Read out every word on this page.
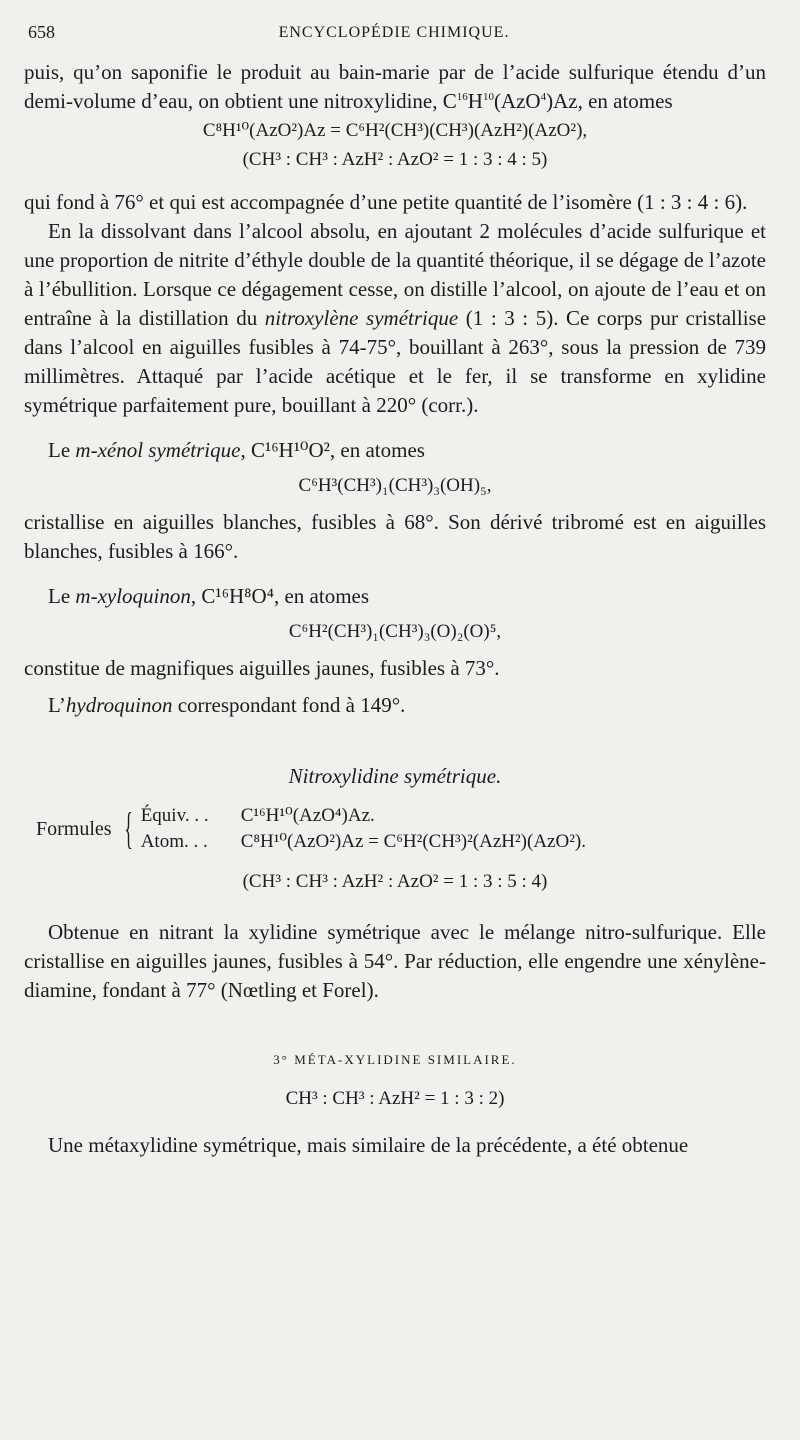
658	ENCYCLOPÉDIE CHIMIQUE.

puis, qu’on saponifie le produit au bain-marie par de l’acide sulfurique étendu d’un demi-volume d’eau, on obtient une nitroxylidine, $C^{16}H^{10}(AzO^4)Az$, en atomes

C⁸H¹⁰(AzO²)Az = C⁶H²(CH³)(CH³)(AzH²)(AzO²),

(CH³ : CH³ : AzH² : AzO² = 1 : 3 : 4 : 5)

qui fond à 76° et qui est accompagnée d’une petite quantité de l’isomère (1 : 3 : 4 : 6).

En la dissolvant dans l’alcool absolu, en ajoutant 2 molécules d’acide sulfurique et une proportion de nitrite d’éthyle double de la quantité théorique, il se dégage de l’azote à l’ébullition. Lorsque ce dégagement cesse, on distille l’alcool, on ajoute de l’eau et on entraîne à la distillation du nitroxylène symétrique (1 : 3 : 5). Ce corps pur cristallise dans l’alcool en aiguilles fusibles à 74-75°, bouillant à 263°, sous la pression de 739 millimètres. Attaqué par l’acide acétique et le fer, il se transforme en xylidine symétrique parfaitement pure, bouillant à 220° (corr.).

Le m-xénol symétrique, C¹⁶H¹⁰O², en atomes

C⁶H³(CH³)₁(CH³)₃(OH)₅,

cristallise en aiguilles blanches, fusibles à 68°. Son dérivé tribromé est en aiguilles blanches, fusibles à 166°.

Le m-xyloquinon, C¹⁶H⁸O⁴, en atomes

C⁶H²(CH³)₁(CH³)₃(O)₂(O)⁵,

constitue de magnifiques aiguilles jaunes, fusibles à 73°.

L’hydroquinon correspondant fond à 149°.

Nitroxylidine symétrique.

Formules { Équiv. . . C¹⁶H¹⁰(AzO⁴)Az.
Atom. . . C⁸H¹⁰(AzO²)Az = C⁶H²(CH³)²(AzH²)(AzO²).

(CH³ : CH³ : AzH² : AzO² = 1 : 3 : 5 : 4)

Obtenue en nitrant la xylidine symétrique avec le mélange nitro-sulfurique. Elle cristallise en aiguilles jaunes, fusibles à 54°. Par réduction, elle engendre une xénylène-diamine, fondant à 77° (Nœtling et Forel).

3° MÉTA-XYLIDINE SIMILAIRE.

CH³ : CH³ : AzH² = 1 : 3 : 2)

Une métaxylidine symétrique, mais similaire de la précédente, a été obtenue
